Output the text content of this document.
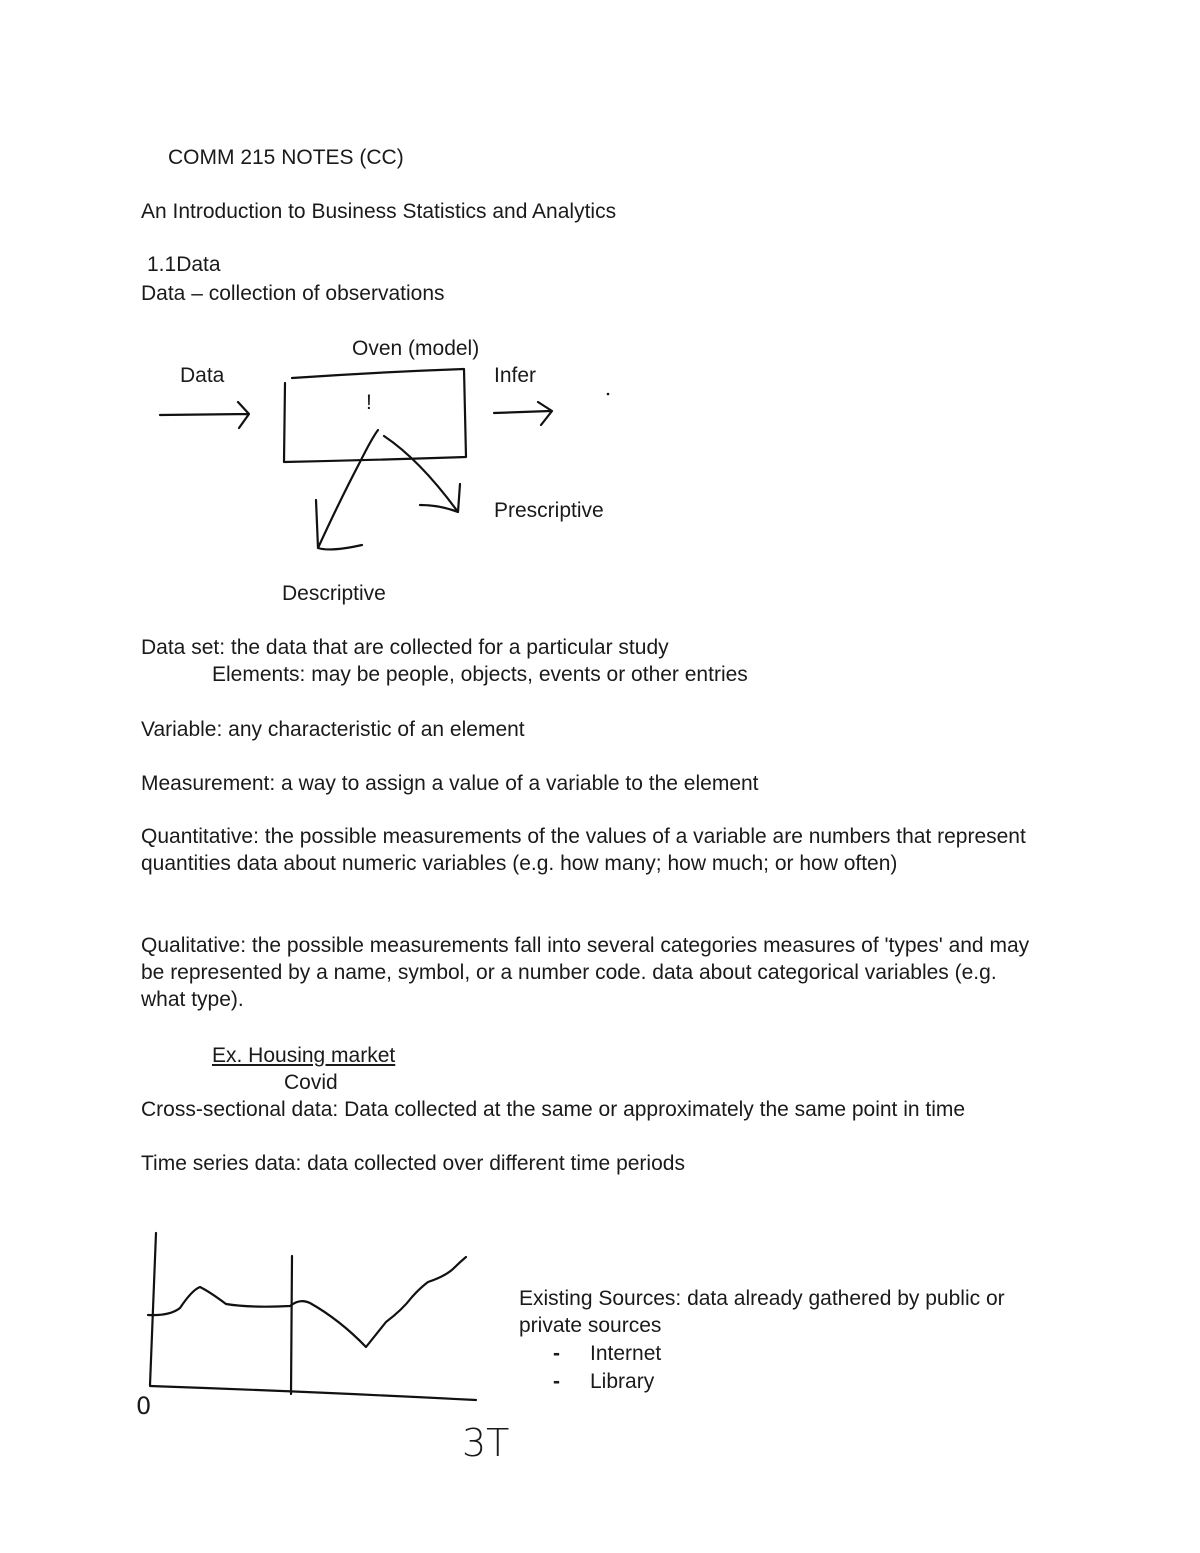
COMM 215 NOTES (CC)

An Introduction to Business Statistics and Analytics

1.1Data

Data – collection of observations

Oven (model)

Data	Infer

!

Prescriptive

Descriptive

0

3T

Data set: the data that are collected for a particular study

Elements: may be people, objects, events or other entries

Variable: any characteristic of an element

Measurement: a way to assign a value of a variable to the element

Quantitative: the possible measurements of the values of a variable are numbers that represent quantities data about numeric variables (e.g. how many; how much; or how often)

Qualitative: the possible measurements fall into several categories measures of 'types' and may be represented by a name, symbol, or a number code. data about categorical variables (e.g. what type).

Ex. Housing market

Covid

Cross-sectional data: Data collected at the same or approximately the same point in time

Time series data: data collected over different time periods

Existing Sources: data already gathered by public or private sources

- Internet
- Library
